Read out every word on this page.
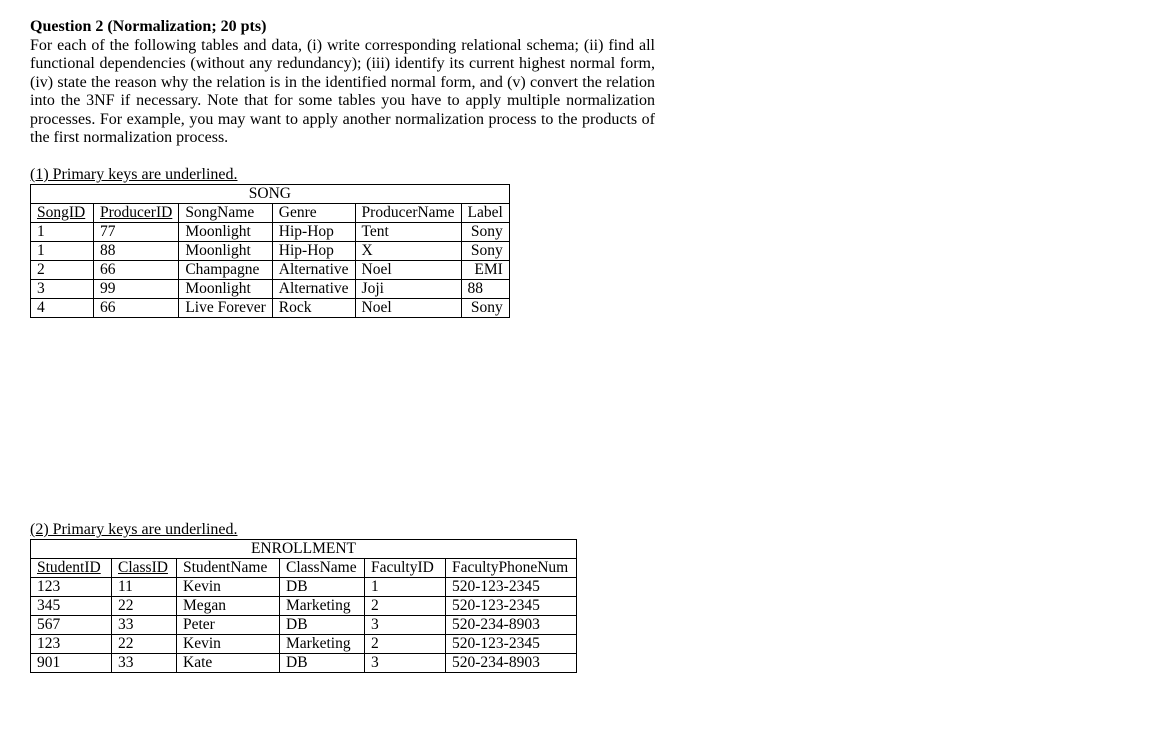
Question 2 (Normalization; 20 pts)
For each of the following tables and data, (i) write corresponding relational schema; (ii) find all functional dependencies (without any redundancy); (iii) identify its current highest normal form, (iv) state the reason why the relation is in the identified normal form, and (v) convert the relation into the 3NF if necessary. Note that for some tables you have to apply multiple normalization processes. For example, you may want to apply another normalization process to the products of the first normalization process.
(1) Primary keys are underlined.
SONG					
SongID	ProducerID	SongName	Genre	ProducerName	Label
1	77	Moonlight	Hip-Hop	Tent	Sony
1	88	Moonlight	Hip-Hop	X	Sony
2	66	Champagne	Alternative	Noel	EMI
3	99	Moonlight	Alternative	Joji	88
4	66	Live Forever	Rock	Noel	Sony
(2) Primary keys are underlined.
ENROLLMENT					
StudentID	ClassID	StudentName	ClassName	FacultyID	FacultyPhoneNum
123	11	Kevin	DB	1	520-123-2345
345	22	Megan	Marketing	2	520-123-2345
567	33	Peter	DB	3	520-234-8903
123	22	Kevin	Marketing	2	520-123-2345
901	33	Kate	DB	3	520-234-8903
